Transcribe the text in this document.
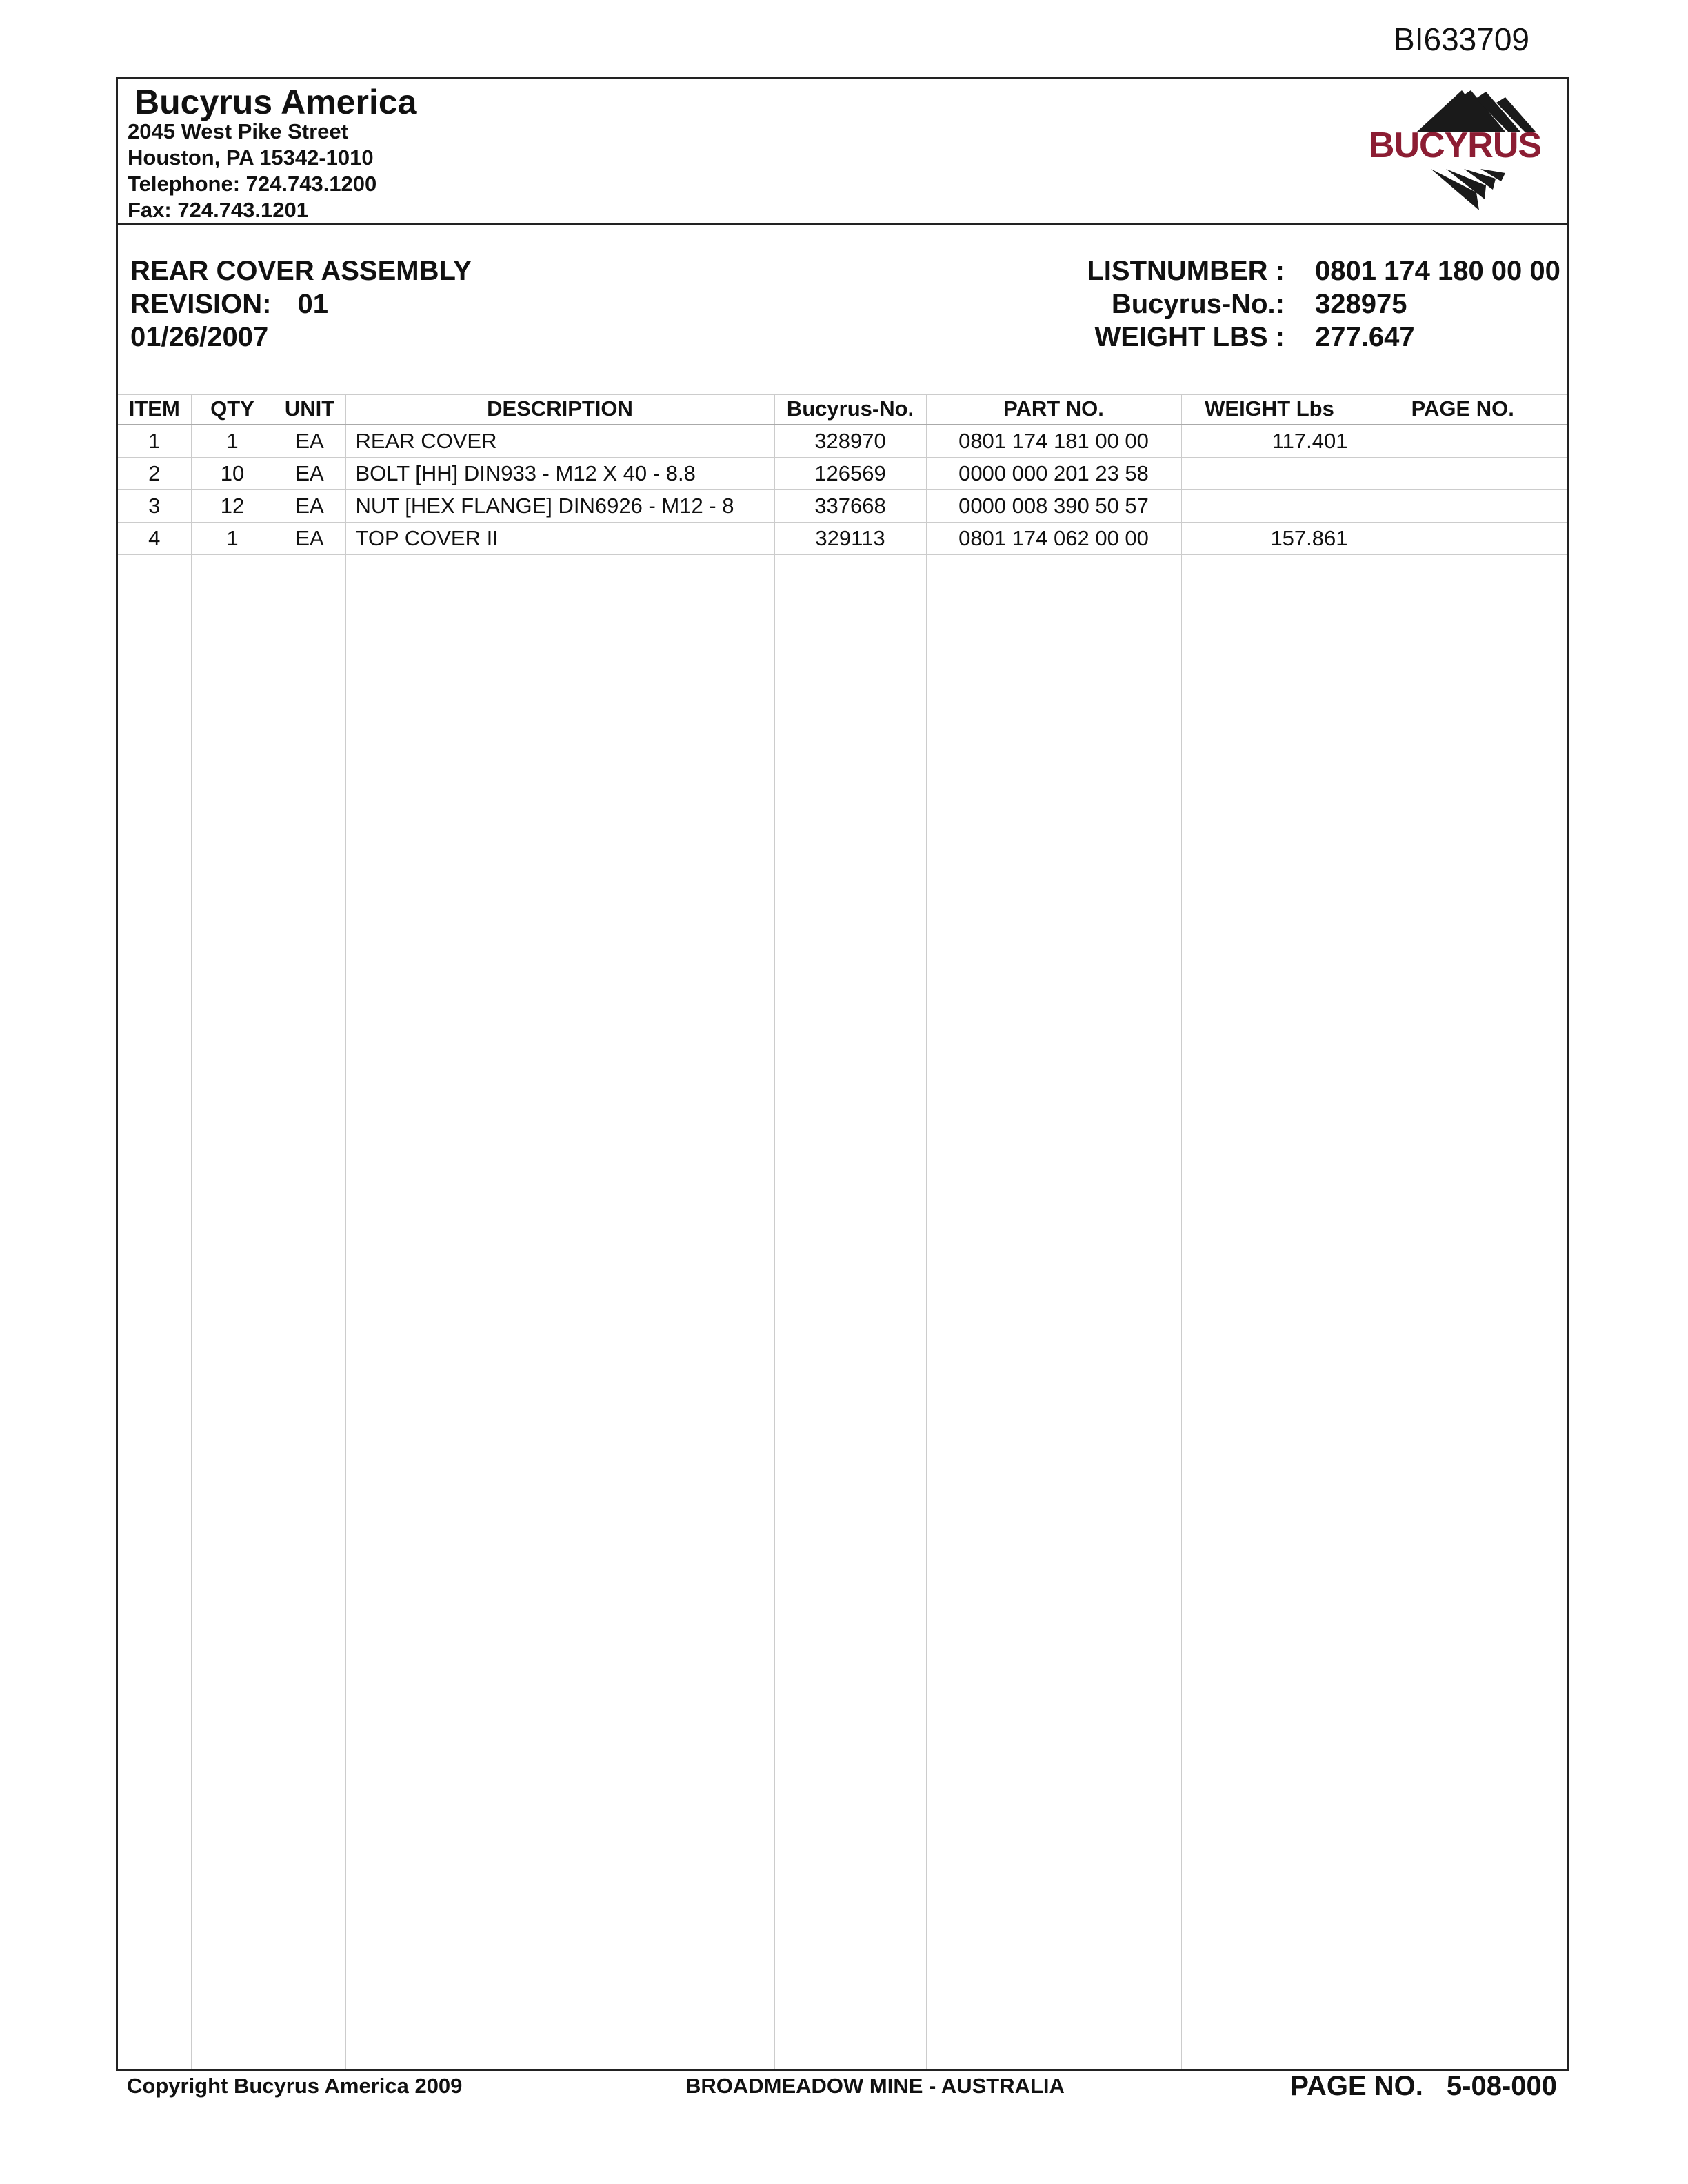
BI633709
Bucyrus America
2045 West Pike Street
Houston, PA 15342-1010
Telephone: 724.743.1200
Fax: 724.743.1201
BUCYRUS
REAR COVER ASSEMBLY
REVISION: 01
01/26/2007
LISTNUMBER : 0801 174 180 00 00
Bucyrus-No.: 328975
WEIGHT LBS : 277.647
ITEM	QTY	UNIT	DESCRIPTION	Bucyrus-No.	PART NO.	WEIGHT Lbs	PAGE NO.
1	1	EA	REAR COVER	328970	0801 174 181 00 00	117.401	
2	10	EA	BOLT [HH] DIN933 - M12 X 40 - 8.8	126569	0000 000 201 23 58		
3	12	EA	NUT [HEX FLANGE] DIN6926 - M12 - 8	337668	0000 008 390 50 57		
4	1	EA	TOP COVER II	329113	0801 174 062 00 00	157.861	

Copyright Bucyrus America 2009	BROADMEADOW MINE - AUSTRALIA	PAGE NO. 5-08-000
